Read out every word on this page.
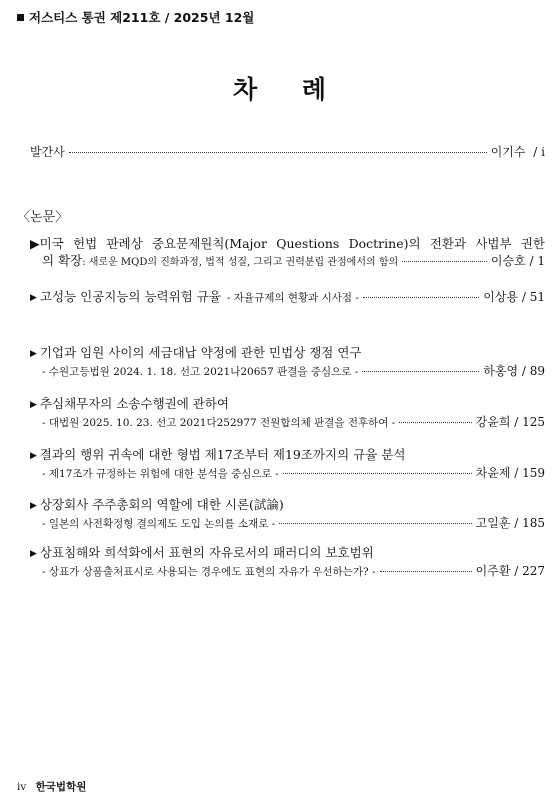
저스티스 통권 제211호 / 2025년 12월
차 례
발간사	이기수 / i
〈논문〉
▶미국 헌법 판례상 중요문제원칙(Major Questions Doctrine)의 전환과 사법부 권한
의 확장 : 새로운 MQD의 진화과정, 법적 성질, 그리고 권력분립 관점에서의 함의	이승호 / 1
▶ 고성능 인공지능의 능력위험 규율 - 자율규제의 현황과 시사점 -	이상용 / 51
▶ 기업과 임원 사이의 세금대납 약정에 관한 민법상 쟁점 연구
- 수원고등법원 2024. 1. 18. 선고 2021나20657 판결을 중심으로 -	하홍영 / 89
▶ 추심채무자의 소송수행권에 관하여
- 대법원 2025. 10. 23. 선고 2021다252977 전원합의체 판결을 전후하여 -	강윤희 / 125
▶ 결과의 행위 귀속에 대한 형법 제17조부터 제19조까지의 규율 분석
- 제17조가 규정하는 위험에 대한 분석을 중심으로 -	차윤제 / 159
▶ 상장회사 주주총회의 역할에 대한 시론(試論)
- 일본의 사전확정형 결의제도 도입 논의를 소재로 -	고일훈 / 185
▶ 상표침해와 희석화에서 표현의 자유로서의 패러디의 보호범위
- 상표가 상품출처표시로 사용되는 경우에도 표현의 자유가 우선하는가? -	이주환 / 227
iv 한국법학원
